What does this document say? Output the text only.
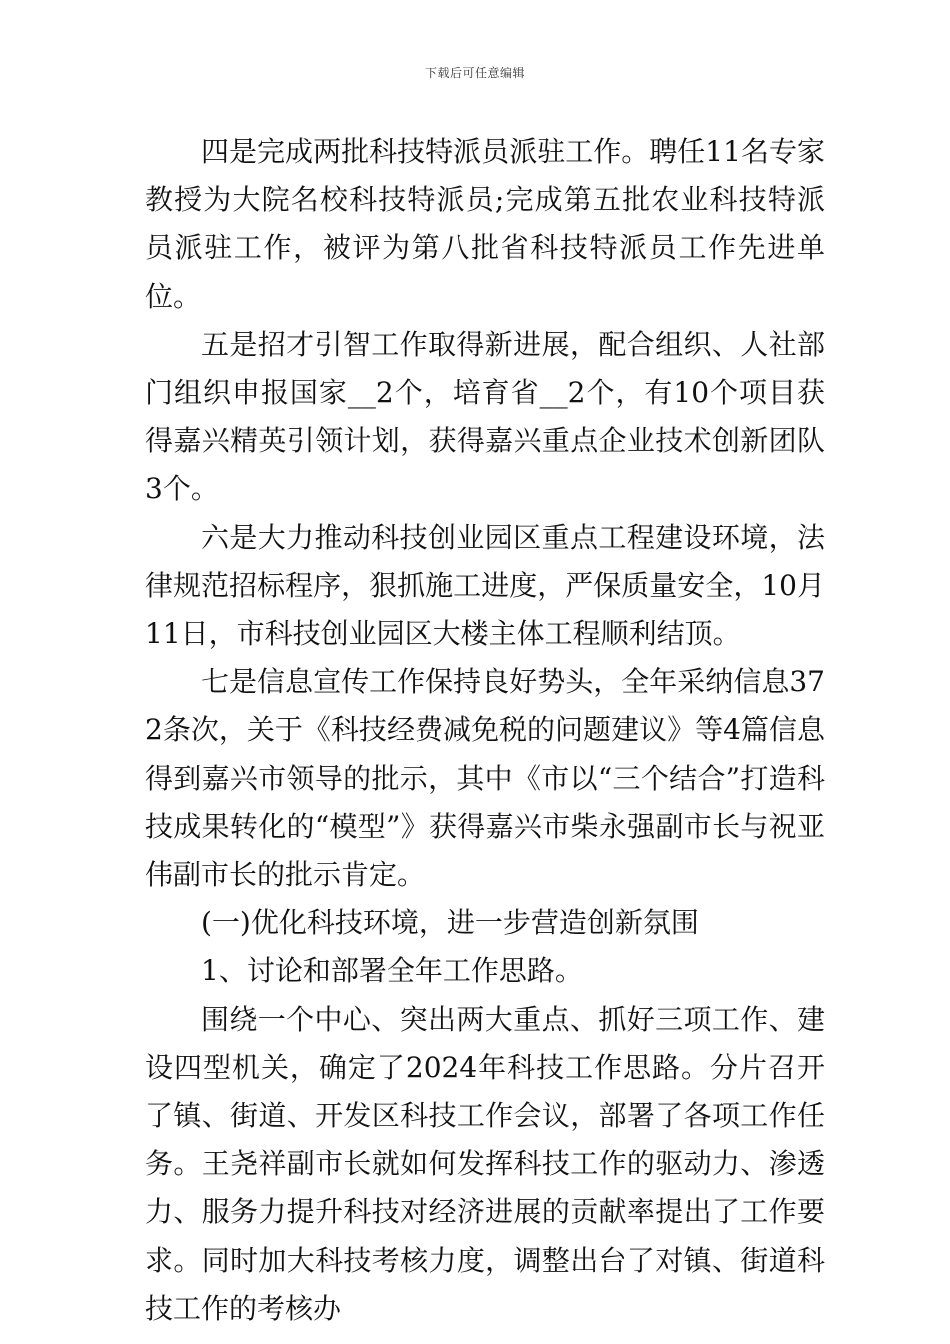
下载后可任意编辑

四是完成两批科技特派员派驻工作。聘任11名专家教授为大院名校科技特派员;完成第五批农业科技特派员派驻工作，被评为第八批省科技特派员工作先进单位。

五是招才引智工作取得新进展，配合组织、人社部门组织申报国家__2个，培育省__2个，有10个项目获得嘉兴精英引领计划，获得嘉兴重点企业技术创新团队3个。

六是大力推动科技创业园区重点工程建设环境，法律规范招标程序，狠抓施工进度，严保质量安全，10月11日，市科技创业园区大楼主体工程顺利结顶。

七是信息宣传工作保持良好势头，全年采纳信息372条次，关于《科技经费减免税的问题建议》等4篇信息得到嘉兴市领导的批示，其中《市以“三个结合”打造科技成果转化的“模型”》获得嘉兴市柴永强副市长与祝亚伟副市长的批示肯定。

(一)优化科技环境，进一步营造创新氛围

1、讨论和部署全年工作思路。

围绕一个中心、突出两大重点、抓好三项工作、建设四型机关，确定了2024年科技工作思路。分片召开了镇、街道、开发区科技工作会议，部署了各项工作任务。王尧祥副市长就如何发挥科技工作的驱动力、渗透力、服务力提升科技对经济进展的贡献率提出了工作要求。同时加大科技考核力度，调整出台了对镇、街道科技工作的考核办
